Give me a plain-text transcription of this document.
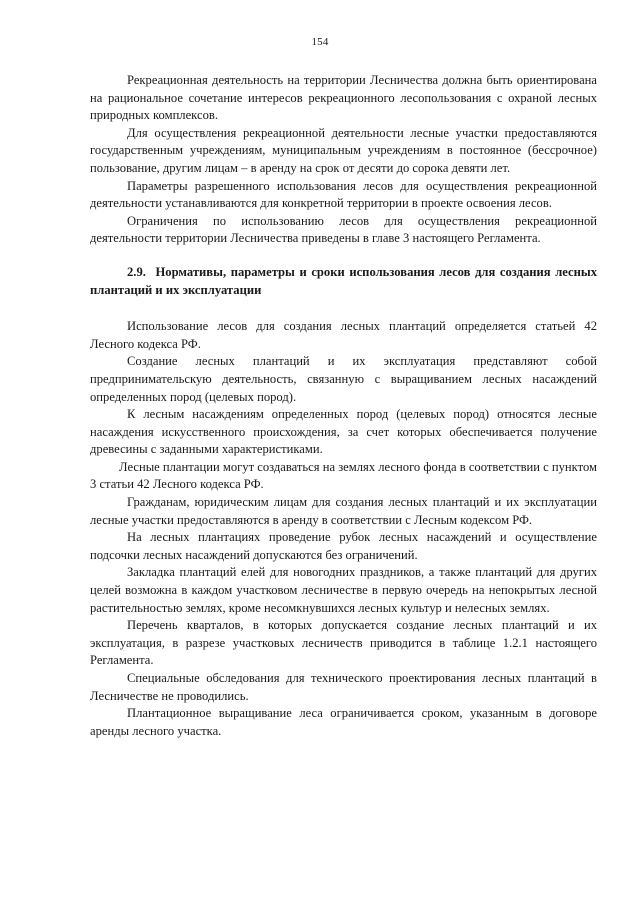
154

Рекреационная деятельность на территории Лесничества должна быть ориентирована на рациональное сочетание интересов рекреационного лесопользования с охраной лесных природных комплексов.

Для осуществления рекреационной деятельности лесные участки предоставляются государственным учреждениям, муниципальным учреждениям в постоянное (бессрочное) пользование, другим лицам – в аренду на срок от десяти до сорока девяти лет.

Параметры разрешенного использования лесов для осуществления рекреационной деятельности устанавливаются для конкретной территории в проекте освоения лесов.

Ограничения по использованию лесов для осуществления рекреационной деятельности территории Лесничества приведены в главе 3 настоящего Регламента.

2.9. Нормативы, параметры и сроки использования лесов для создания лесных плантаций и их эксплуатации

Использование лесов для создания лесных плантаций определяется статьей 42 Лесного кодекса РФ.

Создание лесных плантаций и их эксплуатация представляют собой предпринимательскую деятельность, связанную с выращиванием лесных насаждений определенных пород (целевых пород).

К лесным насаждениям определенных пород (целевых пород) относятся лесные насаждения искусственного происхождения, за счет которых обеспечивается получение древесины с заданными характеристиками.

Лесные плантации могут создаваться на землях лесного фонда в соответствии с пунктом 3 статьи 42 Лесного кодекса РФ.

Гражданам, юридическим лицам для создания лесных плантаций и их эксплуатации лесные участки предоставляются в аренду в соответствии с Лесным кодексом РФ.

На лесных плантациях проведение рубок лесных насаждений и осуществление подсочки лесных насаждений допускаются без ограничений.

Закладка плантаций елей для новогодних праздников, а также плантаций для других целей возможна в каждом участковом лесничестве в первую очередь на непокрытых лесной растительностью землях, кроме несомкнувшихся лесных культур и нелесных землях.

Перечень кварталов, в которых допускается создание лесных плантаций и их эксплуатация, в разрезе участковых лесничеств приводится в таблице 1.2.1 настоящего Регламента.

Специальные обследования для технического проектирования лесных плантаций в Лесничестве не проводились.

Плантационное выращивание леса ограничивается сроком, указанным в договоре аренды лесного участка.
